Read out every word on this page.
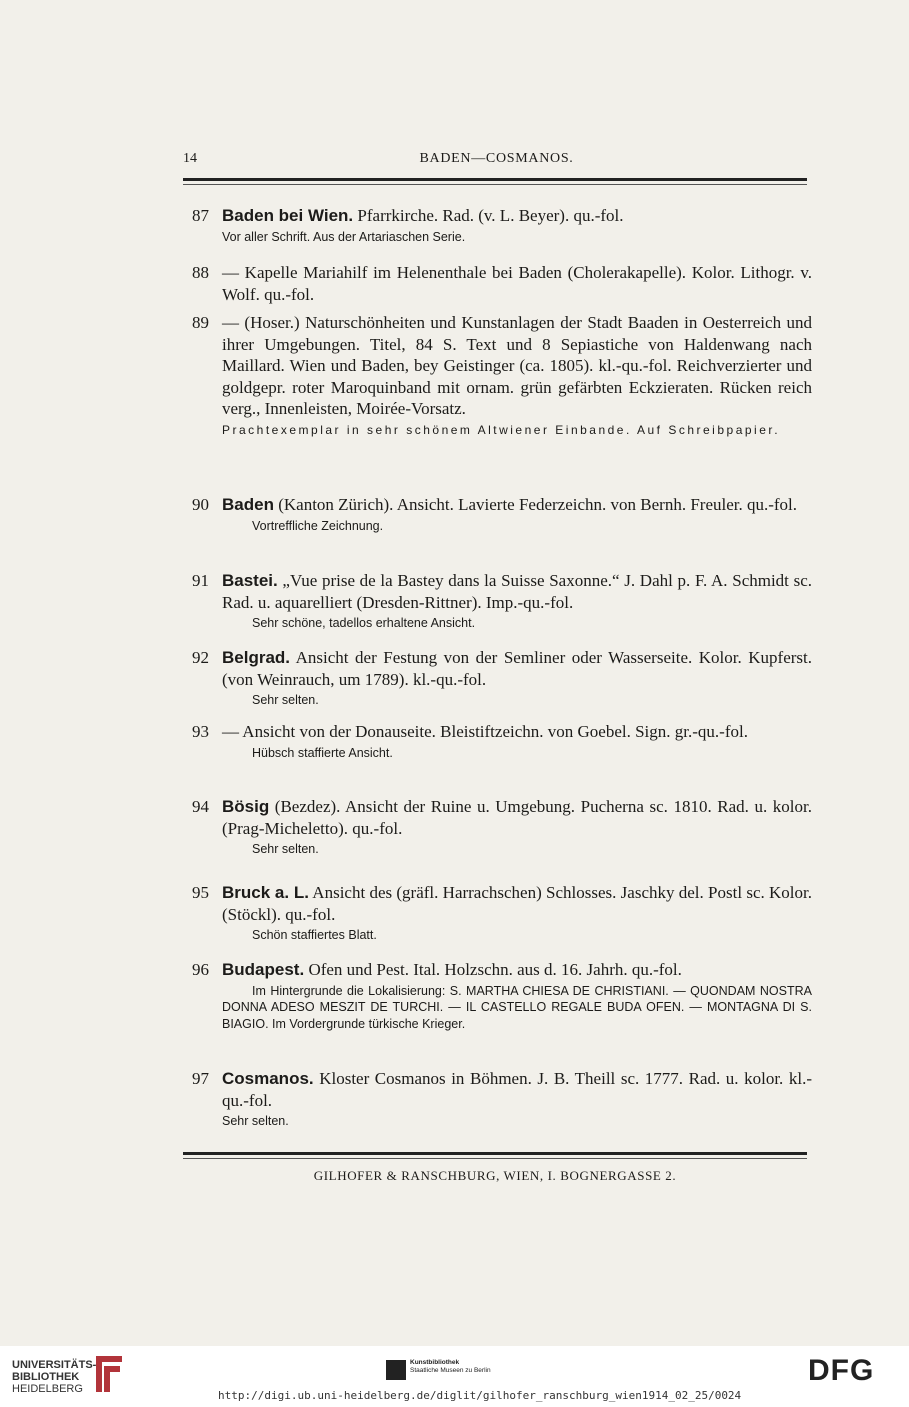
14	BADEN—COSMANOS.
87 Baden bei Wien. Pfarrkirche. Rad. (v. L. Beyer). qu.-fol.
Vor aller Schrift. Aus der Artariaschen Serie.
88 — Kapelle Mariahilf im Helenenthale bei Baden (Cholerakapelle). Kolor. Lithogr. v. Wolf. qu.-fol.
89 — (Hoser.) Naturschönheiten und Kunstanlagen der Stadt Baaden in Oesterreich und ihrer Umgebungen. Titel, 84 S. Text und 8 Sepiastiche von Haldenwang nach Maillard. Wien und Baden, bey Geistinger (ca. 1805). kl.-qu.-fol. Reichverzierter und goldgepr. roter Maroquinband mit ornam. grün gefärbten Eckzieraten. Rücken reich verg., Innenleisten, Moirée-Vorsatz.
Prachtexemplar in sehr schönem Altwiener Einbande. Auf Schreibpapier.
90 Baden (Kanton Zürich). Ansicht. Lavierte Federzeichn. von Bernh. Freuler. qu.-fol.
Vortreffliche Zeichnung.
91 Bastei. „Vue prise de la Bastey dans la Suisse Saxonne.“ J. Dahl p. F. A. Schmidt sc. Rad. u. aquarelliert (Dresden-Rittner). Imp.-qu.-fol.
Sehr schöne, tadellos erhaltene Ansicht.
92 Belgrad. Ansicht der Festung von der Semliner oder Wasserseite. Kolor. Kupferst. (von Weinrauch, um 1789). kl.-qu.-fol.
Sehr selten.
93 — Ansicht von der Donauseite. Bleistiftzeichn. von Goebel. Sign. gr.-qu.-fol.
Hübsch staffierte Ansicht.
94 Bösig (Bezdez). Ansicht der Ruine u. Umgebung. Pucherna sc. 1810. Rad. u. kolor. (Prag-Micheletto). qu.-fol.
Sehr selten.
95 Bruck a. L. Ansicht des (gräfl. Harrachschen) Schlosses. Jaschky del. Postl sc. Kolor. (Stöckl). qu.-fol.
Schön staffiertes Blatt.
96 Budapest. Ofen und Pest. Ital. Holzschn. aus d. 16. Jahrh. qu.-fol.
Im Hintergrunde die Lokalisierung: S. MARTHA CHIESA DE CHRISTIANI. — QUONDAM NOSTRA DONNA ADESO MESZIT DE TURCHI. — IL CASTELLO REGALE BUDA OFEN. — MONTAGNA DI S. BIAGIO. Im Vordergrunde türkische Krieger.
97 Cosmanos. Kloster Cosmanos in Böhmen. J. B. Theill sc. 1777. Rad. u. kolor. kl.-qu.-fol.
Sehr selten.
GILHOFER & RANSCHBURG, WIEN, I. BOGNERGASSE 2.
UNIVERSITÄTS-
BIBLIOTHEK
HEIDELBERG
Kunstbibliothek
Staatliche Museen zu Berlin	DFG
http://digi.ub.uni-heidelberg.de/diglit/gilhofer_ranschburg_wien1914_02_25/0024
